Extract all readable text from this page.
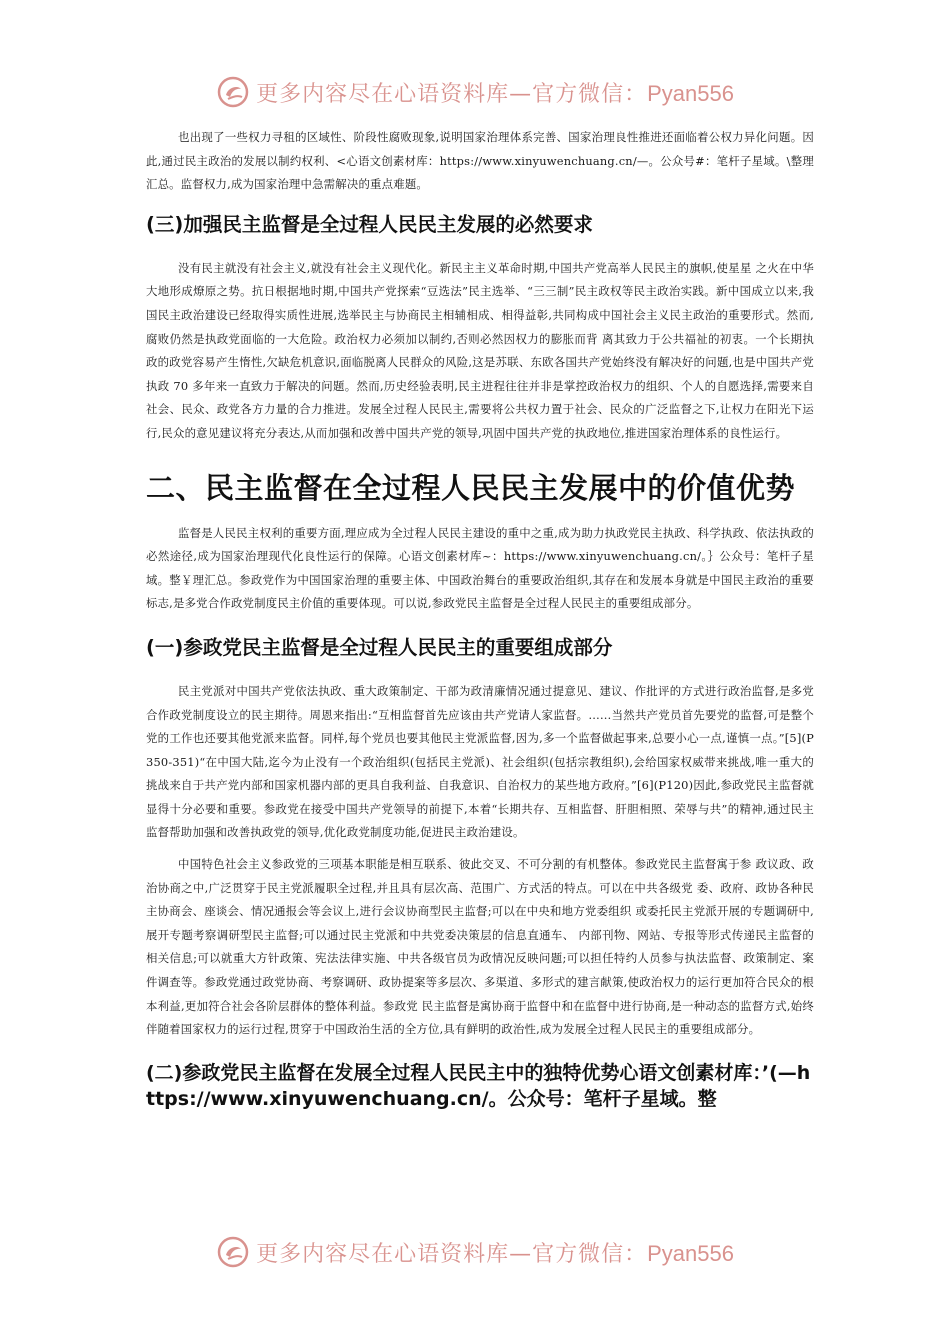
更多内容尽在心语资料库—官方微信：Pyan556

也出现了一些权力寻租的区域性、阶段性腐败现象,说明国家治理体系完善、国家治理良性推进还面临着公权力异化问题。因此,通过民主政治的发展以制约权利、<心语文创素材库：https://www.xinyuwenchuang.cn/—。公众号#：笔杆子星域。\整理汇总。监督权力,成为国家治理中急需解决的重点难题。

(三)加强民主监督是全过程人民民主发展的必然要求

没有民主就没有社会主义,就没有社会主义现代化。新民主主义革命时期,中国共产党高举人民民主的旗帜,使星星 之火在中华大地形成燎原之势。抗日根据地时期,中国共产党探索“豆选法”民主选举、“三三制”民主政权等民主政治实践。新中国成立以来,我国民主政治建设已经取得实质性进展,选举民主与协商民主相辅相成、相得益彰,共同构成中国社会主义民主政治的重要形式。然而,腐败仍然是执政党面临的一大危险。政治权力必须加以制约,否则必然因权力的膨胀而背 离其致力于公共福祉的初衷。一个长期执政的政党容易产生惰性,欠缺危机意识,面临脱离人民群众的风险,这是苏联、东欧各国共产党始终没有解决好的问题,也是中国共产党执政 70 多年来一直致力于解决的问题。然而,历史经验表明,民主进程往往并非是掌控政治权力的组织、个人的自愿选择,需要来自社会、民众、政党各方力量的合力推进。发展全过程人民民主,需要将公共权力置于社会、民众的广泛监督之下,让权力在阳光下运行,民众的意见建议将充分表达,从而加强和改善中国共产党的领导,巩固中国共产党的执政地位,推进国家治理体系的良性运行。

二、民主监督在全过程人民民主发展中的价值优势

监督是人民民主权利的重要方面,理应成为全过程人民民主建设的重中之重,成为助力执政党民主执政、科学执政、依法执政的必然途径,成为国家治理现代化良性运行的保障。心语文创素材库~：https://www.xinyuwenchuang.cn/。｝公众号：笔杆子星域。整￥理汇总。参政党作为中国国家治理的重要主体、中国政治舞台的重要政治组织,其存在和发展本身就是中国民主政治的重要标志,是多党合作政党制度民主价值的重要体现。可以说,参政党民主监督是全过程人民民主的重要组成部分。

(一)参政党民主监督是全过程人民民主的重要组成部分

民主党派对中国共产党依法执政、重大政策制定、干部为政清廉情况通过提意见、建议、作批评的方式进行政治监督,是多党合作政党制度设立的民主期待。周恩来指出:“互相监督首先应该由共产党请人家监督。……当然共产党员首先要党的监督,可是整个党的工作也还要其他党派来监督。同样,每个党员也要其他民主党派监督,因为,多一个监督做起事来,总要小心一点,谨慎一点。”[5](P350-351)“在中国大陆,迄今为止没有一个政治组织(包括民主党派)、社会组织(包括宗教组织),会给国家权威带来挑战,唯一重大的挑战来自于共产党内部和国家机器内部的更具自我利益、自我意识、自治权力的某些地方政府。”[6](P120)因此,参政党民主监督就显得十分必要和重要。参政党在接受中国共产党领导的前提下,本着“长期共存、互相监督、肝胆相照、荣辱与共”的精神,通过民主监督帮助加强和改善执政党的领导,优化政党制度功能,促进民主政治建设。

中国特色社会主义参政党的三项基本职能是相互联系、彼此交叉、不可分割的有机整体。参政党民主监督寓于参 政议政、政治协商之中,广泛贯穿于民主党派履职全过程,并且具有层次高、范围广、方式活的特点。可以在中共各级党 委、政府、政协各种民主协商会、座谈会、情况通报会等会议上,进行会议协商型民主监督;可以在中央和地方党委组织 或委托民主党派开展的专题调研中,展开专题考察调研型民主监督;可以通过民主党派和中共党委决策层的信息直通车、 内部刊物、网站、专报等形式传递民主监督的相关信息;可以就重大方针政策、宪法法律实施、中共各级官员为政情况反映问题;可以担任特约人员参与执法监督、政策制定、案件调查等。参政党通过政党协商、考察调研、政协提案等多层次、多渠道、多形式的建言献策,使政治权力的运行更加符合民众的根本利益,更加符合社会各阶层群体的整体利益。参政党 民主监督是寓协商于监督中和在监督中进行协商,是一种动态的监督方式,始终伴随着国家权力的运行过程,贯穿于中国政治生活的全方位,具有鲜明的政治性,成为发展全过程人民民主的重要组成部分。

(二)参政党民主监督在发展全过程人民民主中的独特优势心语文创素材库：’(—https://www.xinyuwenchuang.cn/。公众号：笔杆子星域。整
更多内容尽在心语资料库—官方微信：Pyan556
